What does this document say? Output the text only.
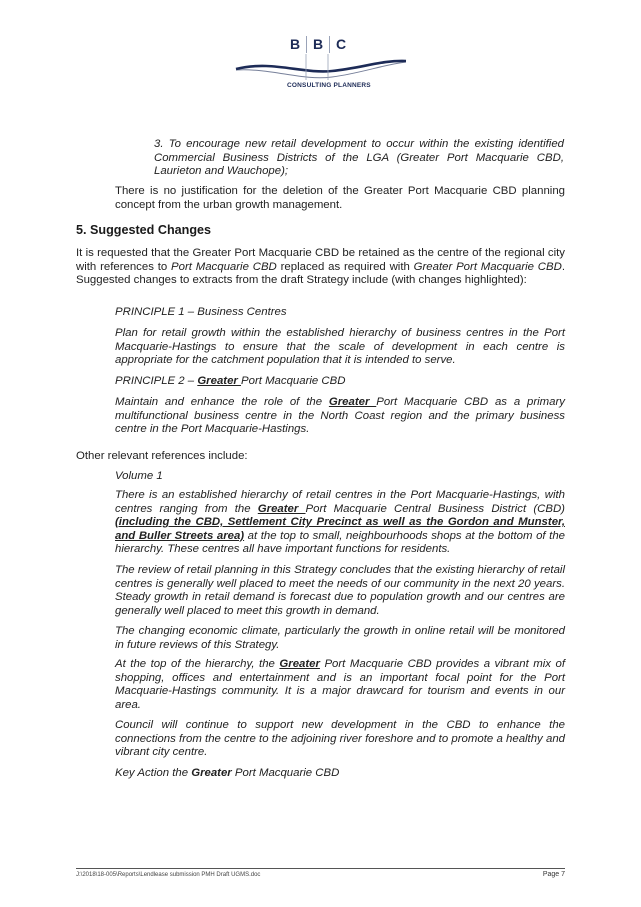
B B C
CONSULTING PLANNERS
3. To encourage new retail development to occur within the existing identified Commercial Business Districts of the LGA (Greater Port Macquarie CBD, Laurieton and Wauchope);
There is no justification for the deletion of the Greater Port Macquarie CBD planning concept from the urban growth management.
5. Suggested Changes
It is requested that the Greater Port Macquarie CBD be retained as the centre of the regional city with references to Port Macquarie CBD replaced as required with Greater Port Macquarie CBD. Suggested changes to extracts from the draft Strategy include (with changes highlighted):
PRINCIPLE 1 – Business Centres
Plan for retail growth within the established hierarchy of business centres in the Port Macquarie-Hastings to ensure that the scale of development in each centre is appropriate for the catchment population that it is intended to serve.
PRINCIPLE 2 – Greater Port Macquarie CBD
Maintain and enhance the role of the Greater Port Macquarie CBD as a primary multifunctional business centre in the North Coast region and the primary business centre in the Port Macquarie-Hastings.
Other relevant references include:
Volume 1
There is an established hierarchy of retail centres in the Port Macquarie-Hastings, with centres ranging from the Greater Port Macquarie Central Business District (CBD) (including the CBD, Settlement City Precinct as well as the Gordon and Munster, and Buller Streets area) at the top to small, neighbourhoods shops at the bottom of the hierarchy. These centres all have important functions for residents.
The review of retail planning in this Strategy concludes that the existing hierarchy of retail centres is generally well placed to meet the needs of our community in the next 20 years. Steady growth in retail demand is forecast due to population growth and our centres are generally well placed to meet this growth in demand.
The changing economic climate, particularly the growth in online retail will be monitored in future reviews of this Strategy.
At the top of the hierarchy, the Greater Port Macquarie CBD provides a vibrant mix of shopping, offices and entertainment and is an important focal point for the Port Macquarie-Hastings community. It is a major drawcard for tourism and events in our area.
Council will continue to support new development in the CBD to enhance the connections from the centre to the adjoining river foreshore and to promote a healthy and vibrant city centre.
Key Action the Greater Port Macquarie CBD
J:\2018\18-005\Reports\Lendlease submission PMH Draft UGMS.doc	Page 7
